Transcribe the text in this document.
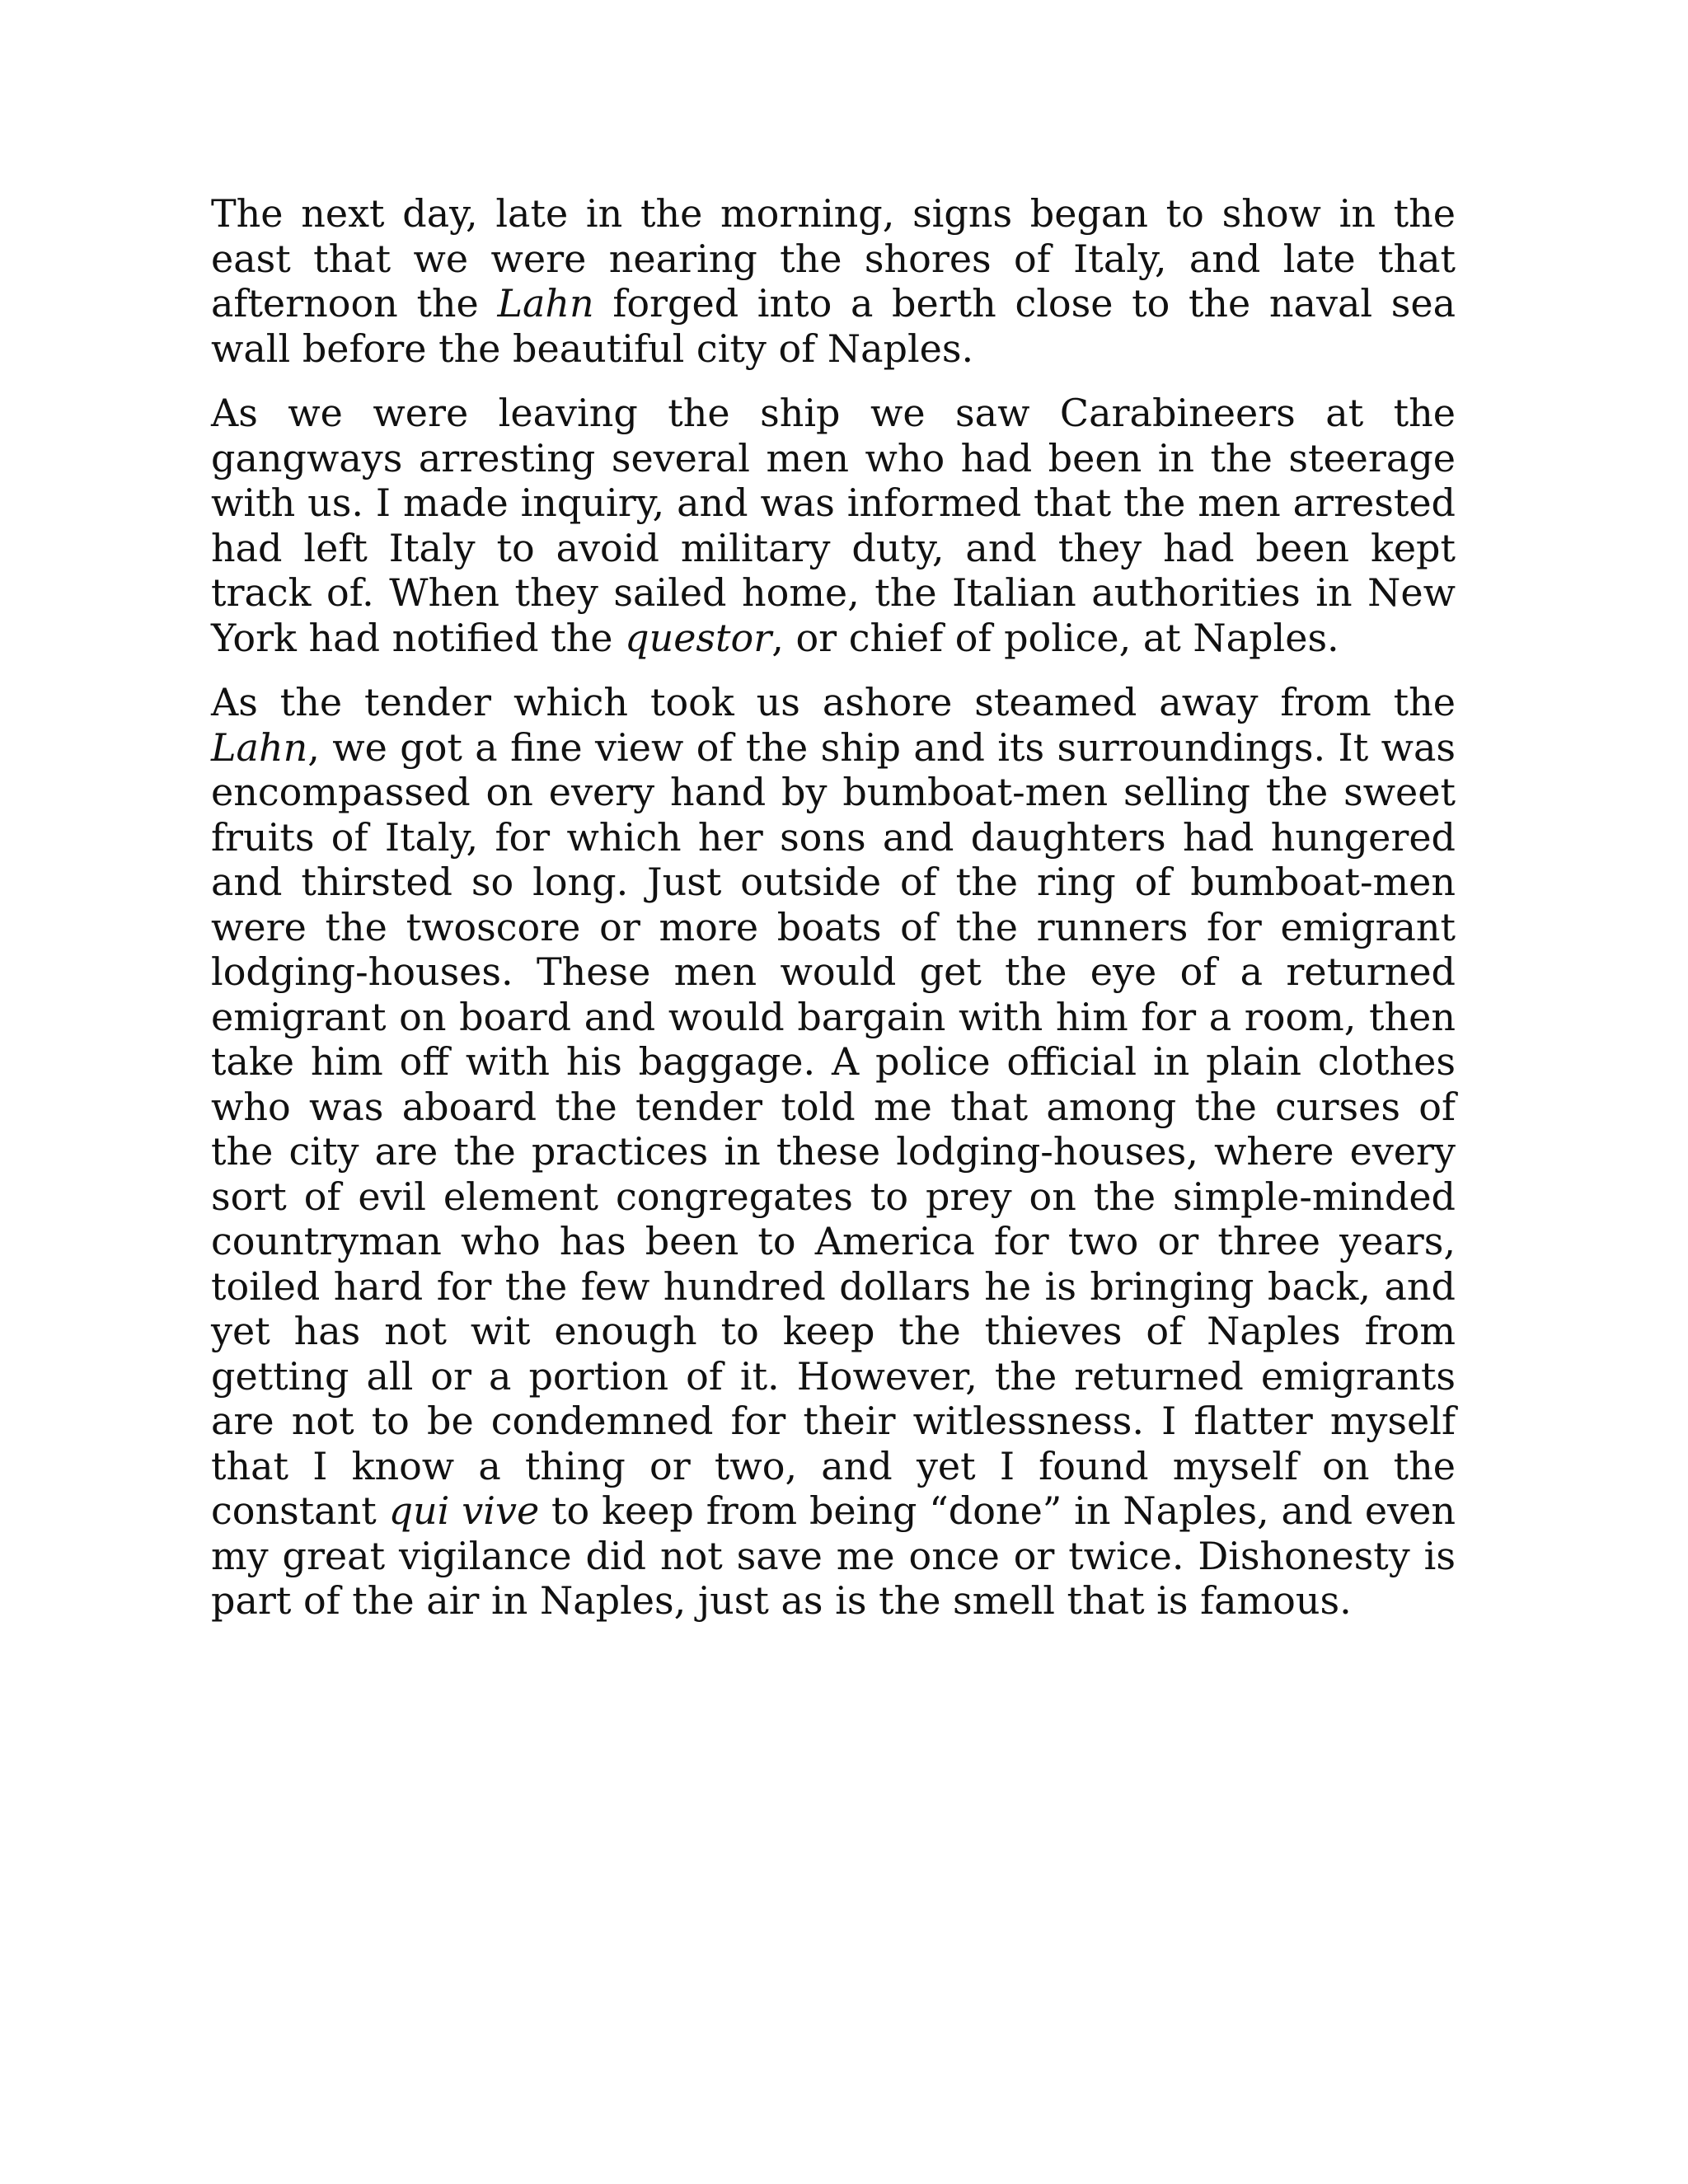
The next day, late in the morning, signs began to show in the east that we were nearing the shores of Italy, and late that afternoon the Lahn forged into a berth close to the naval sea wall before the beautiful city of Naples.

As we were leaving the ship we saw Carabineers at the gangways arresting several men who had been in the steerage with us. I made inquiry, and was informed that the men arrested had left Italy to avoid military duty, and they had been kept track of. When they sailed home, the Italian authorities in New York had notified the questor, or chief of police, at Naples.

As the tender which took us ashore steamed away from the Lahn, we got a fine view of the ship and its surroundings. It was encompassed on every hand by bumboat-men selling the sweet fruits of Italy, for which her sons and daughters had hungered and thirsted so long. Just outside of the ring of bumboat-men were the twoscore or more boats of the runners for emigrant lodging-houses. These men would get the eye of a returned emigrant on board and would bargain with him for a room, then take him off with his baggage. A police official in plain clothes who was aboard the tender told me that among the curses of the city are the practices in these lodging-houses, where every sort of evil element congregates to prey on the simple-minded countryman who has been to America for two or three years, toiled hard for the few hundred dollars he is bringing back, and yet has not wit enough to keep the thieves of Naples from getting all or a portion of it. However, the returned emigrants are not to be condemned for their witlessness. I flatter myself that I know a thing or two, and yet I found myself on the constant qui vive to keep from being “done” in Naples, and even my great vigilance did not save me once or twice. Dishonesty is part of the air in Naples, just as is the smell that is famous.
